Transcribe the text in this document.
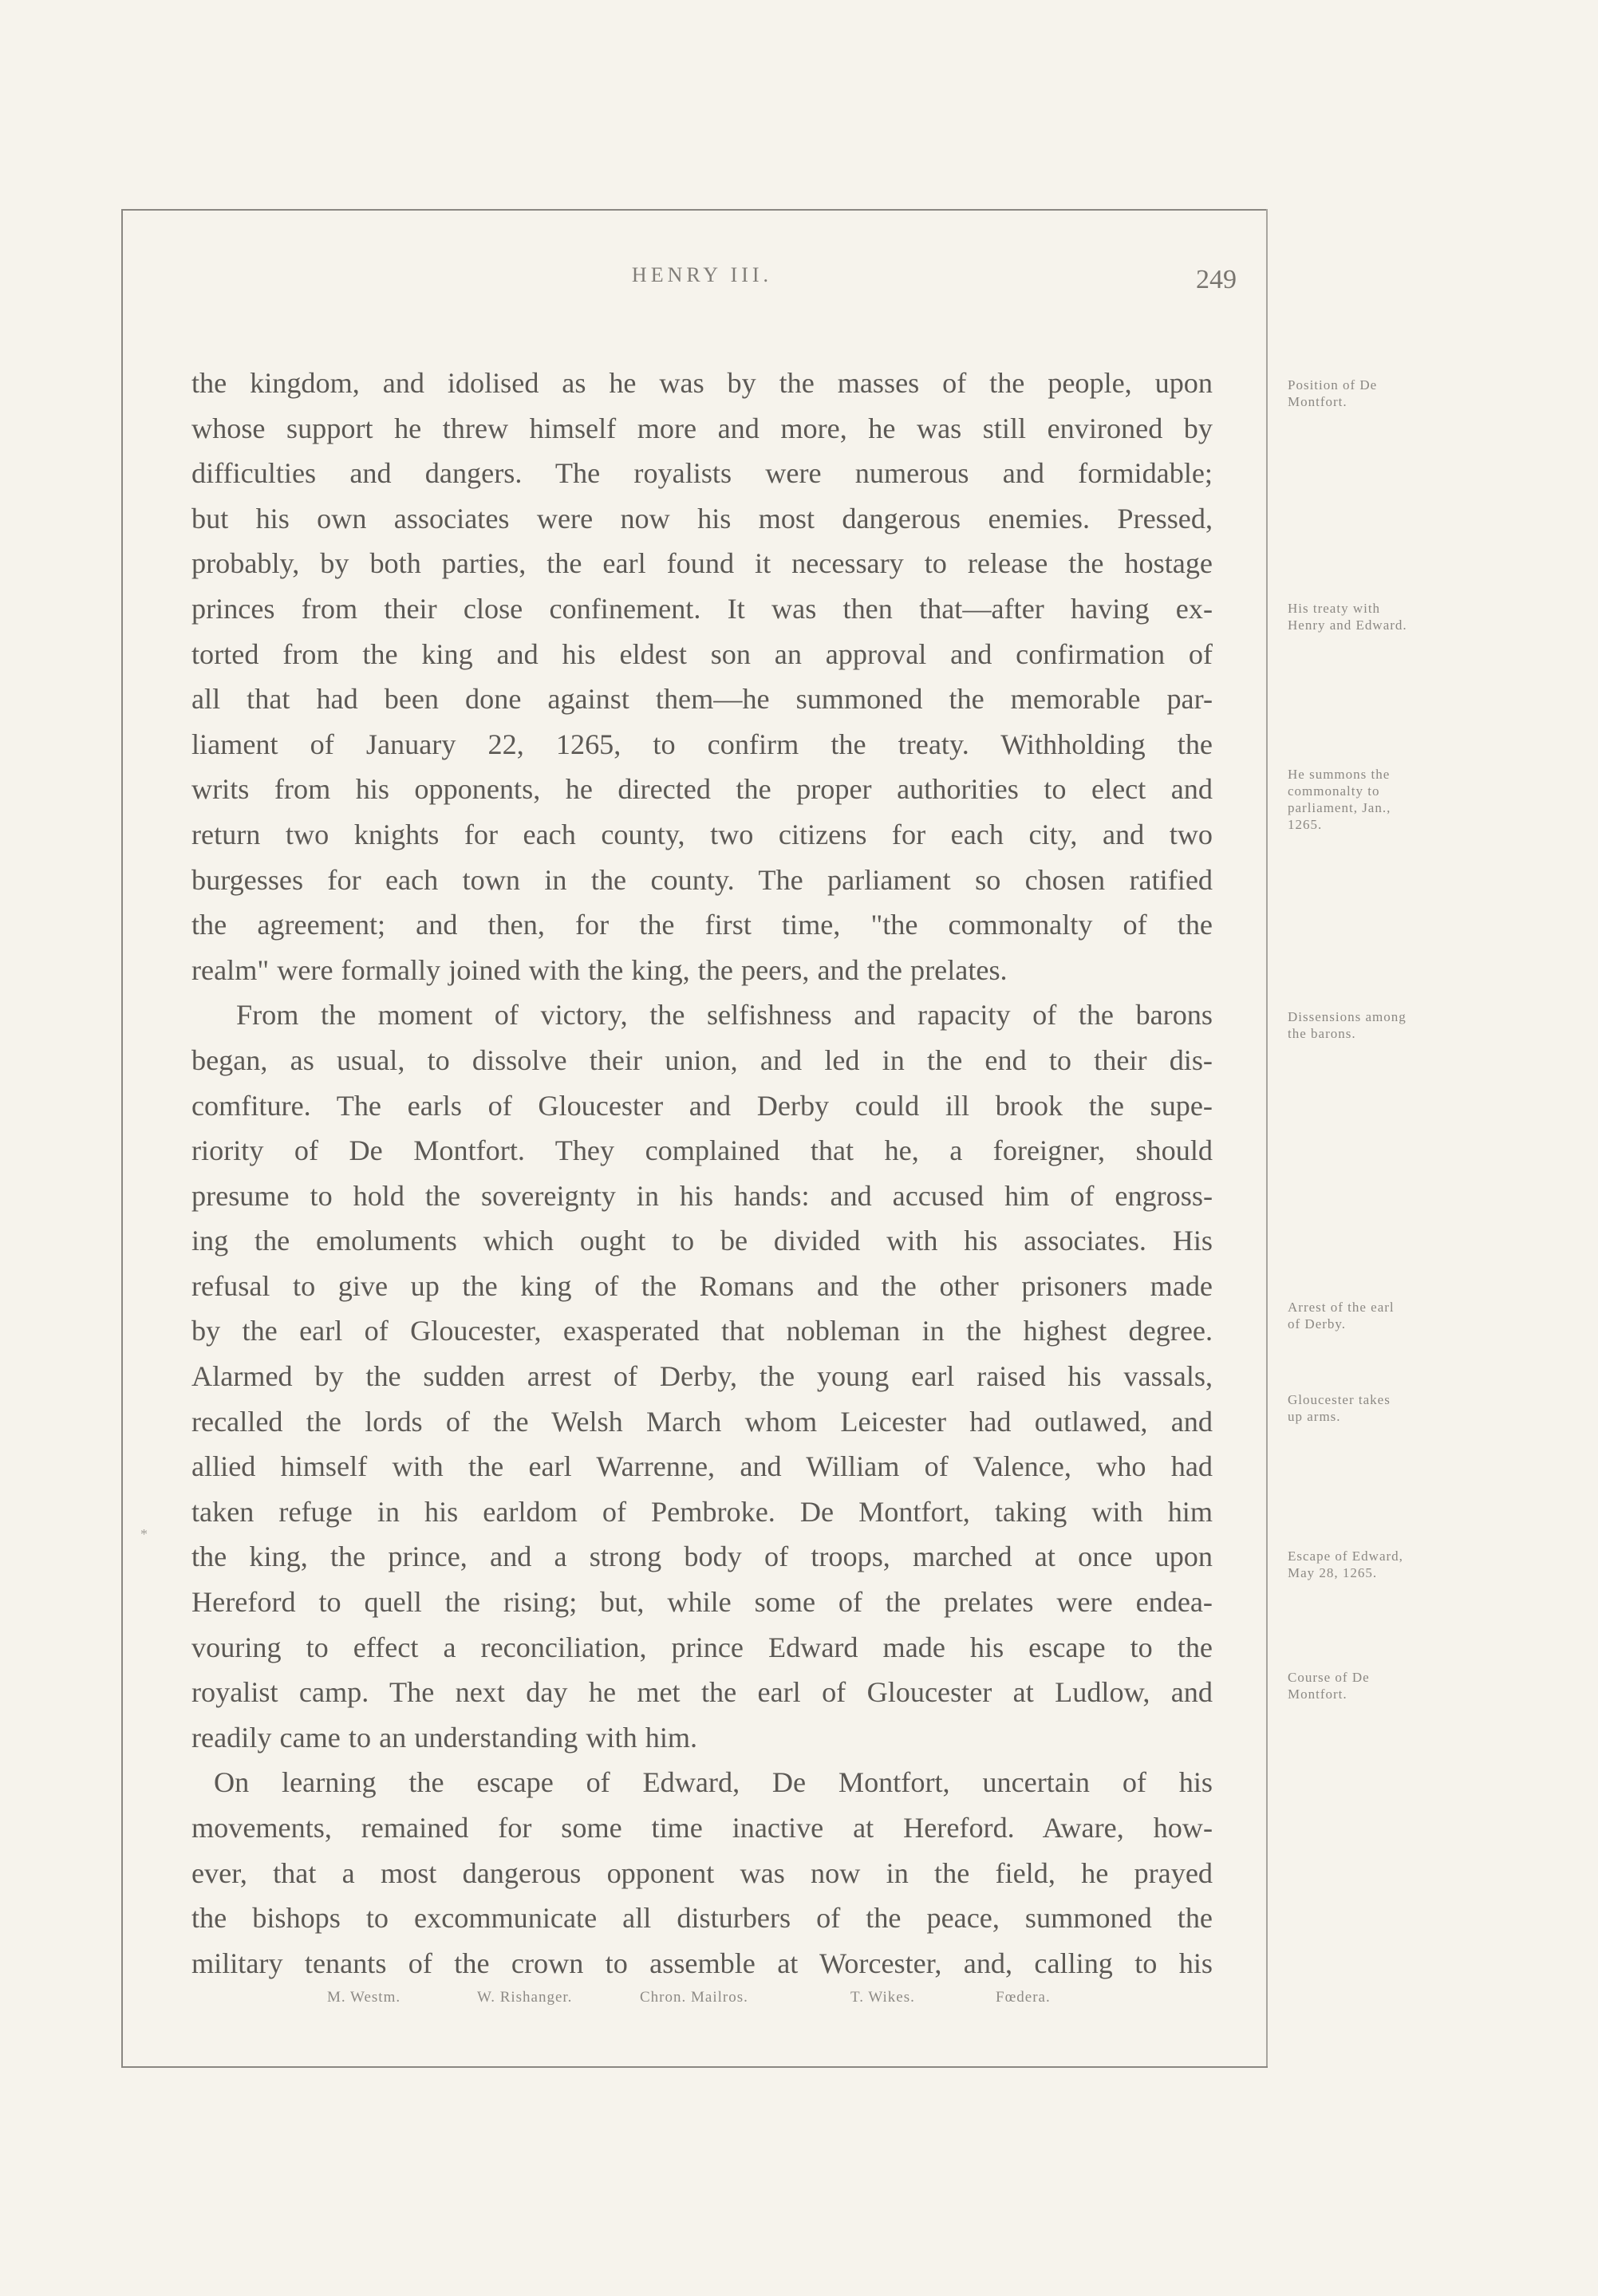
HENRY III.	249

the kingdom, and idolised as he was by the masses of the people, upon

whose support he threw himself more and more, he was still environed by

difficulties and dangers. The royalists were numerous and formidable;

but his own associates were now his most dangerous enemies. Pressed,

probably, by both parties, the earl found it necessary to release the hostage

princes from their close confinement. It was then that—after having ex-

torted from the king and his eldest son an approval and confirmation of

all that had been done against them—he summoned the memorable par-

liament of January 22, 1265, to confirm the treaty. Withholding the

writs from his opponents, he directed the proper authorities to elect and

return two knights for each county, two citizens for each city, and two

burgesses for each town in the county. The parliament so chosen ratified

the agreement; and then, for the first time, "the commonalty of the

realm" were formally joined with the king, the peers, and the prelates.

From the moment of victory, the selfishness and rapacity of the barons

began, as usual, to dissolve their union, and led in the end to their dis-

comfiture. The earls of Gloucester and Derby could ill brook the supe-

riority of De Montfort. They complained that he, a foreigner, should

presume to hold the sovereignty in his hands: and accused him of engross-

ing the emoluments which ought to be divided with his associates. His

refusal to give up the king of the Romans and the other prisoners made

by the earl of Gloucester, exasperated that nobleman in the highest degree.

Alarmed by the sudden arrest of Derby, the young earl raised his vassals,

recalled the lords of the Welsh March whom Leicester had outlawed, and

allied himself with the earl Warrenne, and William of Valence, who had

taken refuge in his earldom of Pembroke. De Montfort, taking with him

the king, the prince, and a strong body of troops, marched at once upon

Hereford to quell the rising; but, while some of the prelates were endea-

vouring to effect a reconciliation, prince Edward made his escape to the

royalist camp. The next day he met the earl of Gloucester at Ludlow, and

readily came to an understanding with him.

On learning the escape of Edward, De Montfort, uncertain of his

movements, remained for some time inactive at Hereford. Aware, how-

ever, that a most dangerous opponent was now in the field, he prayed

the bishops to excommunicate all disturbers of the peace, summoned the

military tenants of the crown to assemble at Worcester, and, calling to his

Position of De Montfort.

His treaty with Henry and Edward.

He summons the commonalty to parliament, Jan., 1265.

Dissensions among the barons.

Arrest of the earl of Derby.

Gloucester takes up arms.

Escape of Edward, May 28, 1265.

Course of De Montfort.

*
M. Westm.	W. Rishanger.	Chron. Mailros.	T. Wikes.	Fœdera.
